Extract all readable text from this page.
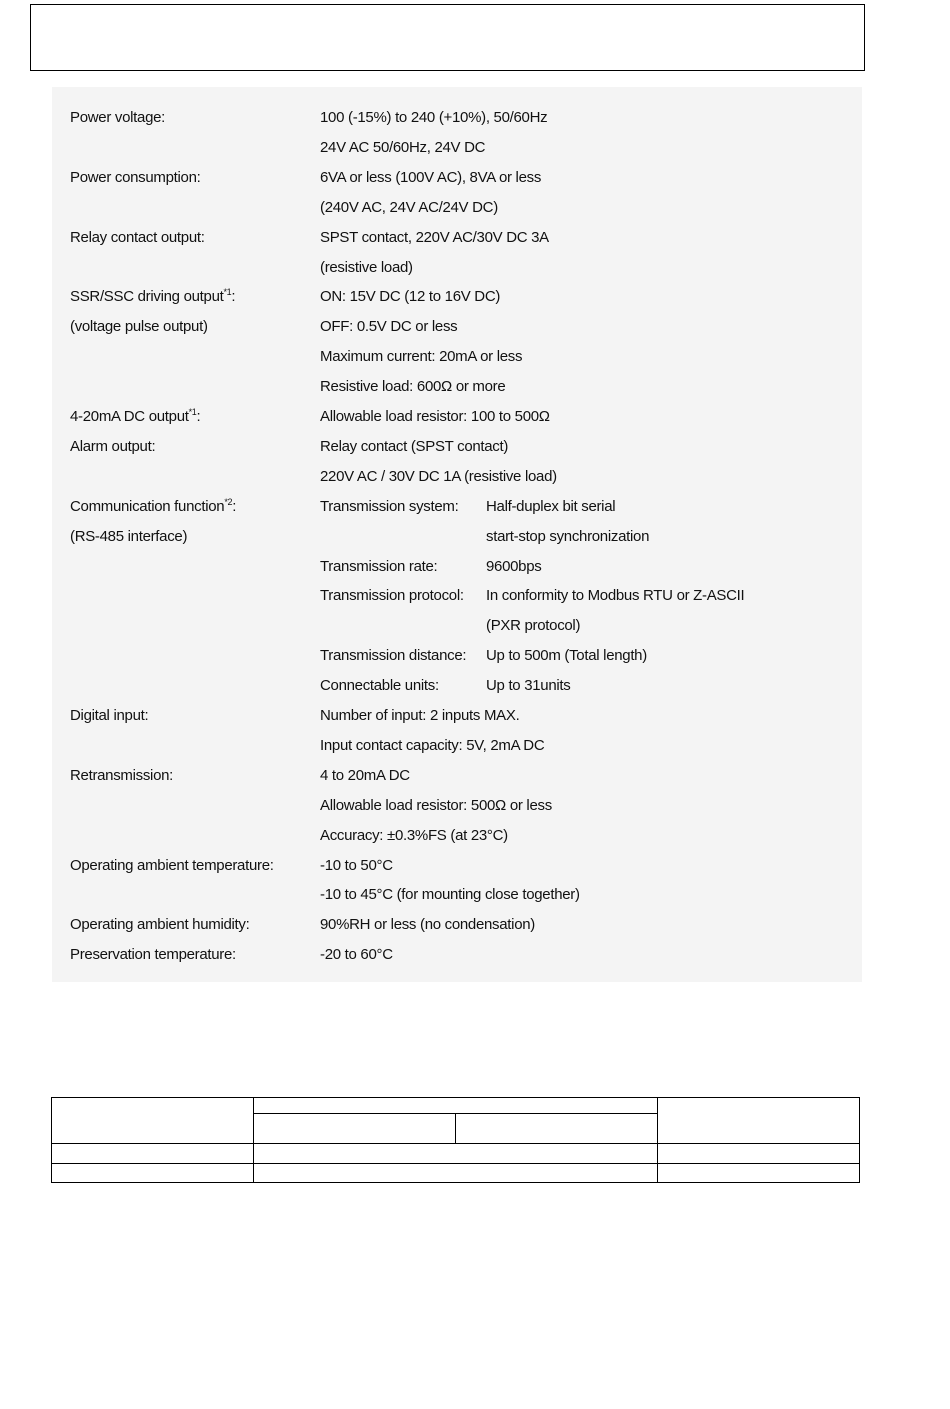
Power voltage:	100 (-15%) to 240 (+10%), 50/60Hz
24V AC 50/60Hz, 24V DC
Power consumption:	6VA or less (100V AC), 8VA or less
(240V AC, 24V AC/24V DC)
Relay contact output:	SPST contact, 220V AC/30V DC 3A
(resistive load)
SSR/SSC driving output$^{*1}$:	ON: 15V DC (12 to 16V DC)
(voltage pulse output)	OFF: 0.5V DC or less
Maximum current: 20mA or less
Resistive load: 600Ω or more
4-20mA DC output$^{*1}$:	Allowable load resistor: 100 to 500Ω
Alarm output:	Relay contact (SPST contact)
220V AC / 30V DC 1A (resistive load)
Communication function$^{*2}$:	Transmission system: Half-duplex bit serial
(RS-485 interface)	start-stop synchronization
Transmission rate:	9600bps
Transmission protocol: In conformity to Modbus RTU or Z-ASCII
(PXR protocol)
Transmission distance: Up to 500m (Total length)
Connectable units:	Up to 31units
Digital input:	Number of input: 2 inputs MAX.
Input contact capacity: 5V, 2mA DC
Retransmission:	4 to 20mA DC
Allowable load resistor: 500Ω or less
Accuracy: ±0.3%FS (at 23°C)
Operating ambient temperature:	-10 to 50°C
-10 to 45°C (for mounting close together)
Operating ambient humidity:	90%RH or less (no condensation)
Preservation temperature:	-20 to 60°C
